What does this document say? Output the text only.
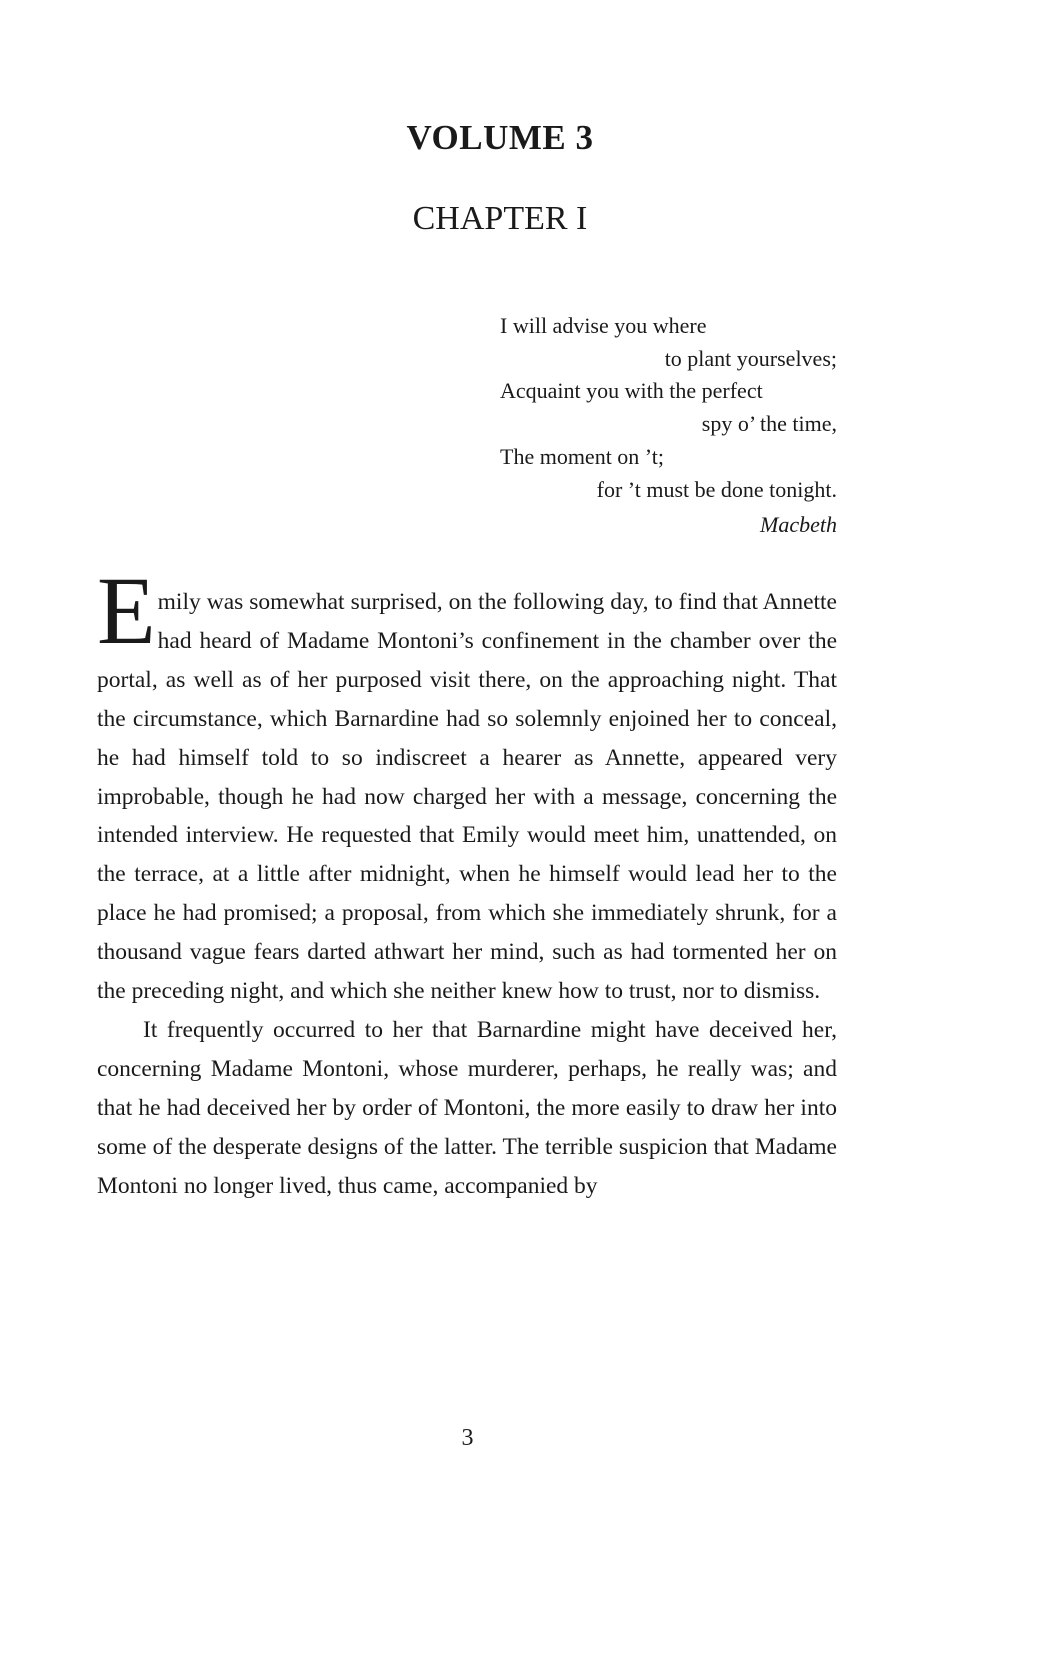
VOLUME 3
CHAPTER I
I will advise you where
to plant yourselves;
Acquaint you with the perfect
spy o’ the time,
The moment on ’t;
for ’t must be done tonight.
Macbeth

Emily was somewhat surprised, on the following day, to find that Annette had heard of Madame Montoni’s confinement in the chamber over the portal, as well as of her purposed visit there, on the approaching night. That the circumstance, which Barnardine had so solemnly enjoined her to conceal, he had himself told to so indiscreet a hearer as Annette, appeared very improbable, though he had now charged her with a message, concerning the intended interview. He requested that Emily would meet him, unattended, on the terrace, at a little after midnight, when he himself would lead her to the place he had promised; a proposal, from which she immediately shrunk, for a thousand vague fears darted athwart her mind, such as had tormented her on the preceding night, and which she neither knew how to trust, nor to dismiss.

It frequently occurred to her that Barnardine might have deceived her, concerning Madame Montoni, whose murderer, perhaps, he really was; and that he had deceived her by order of Montoni, the more easily to draw her into some of the desperate designs of the latter. The terrible suspicion that Madame Montoni no longer lived, thus came, accompanied by

3
